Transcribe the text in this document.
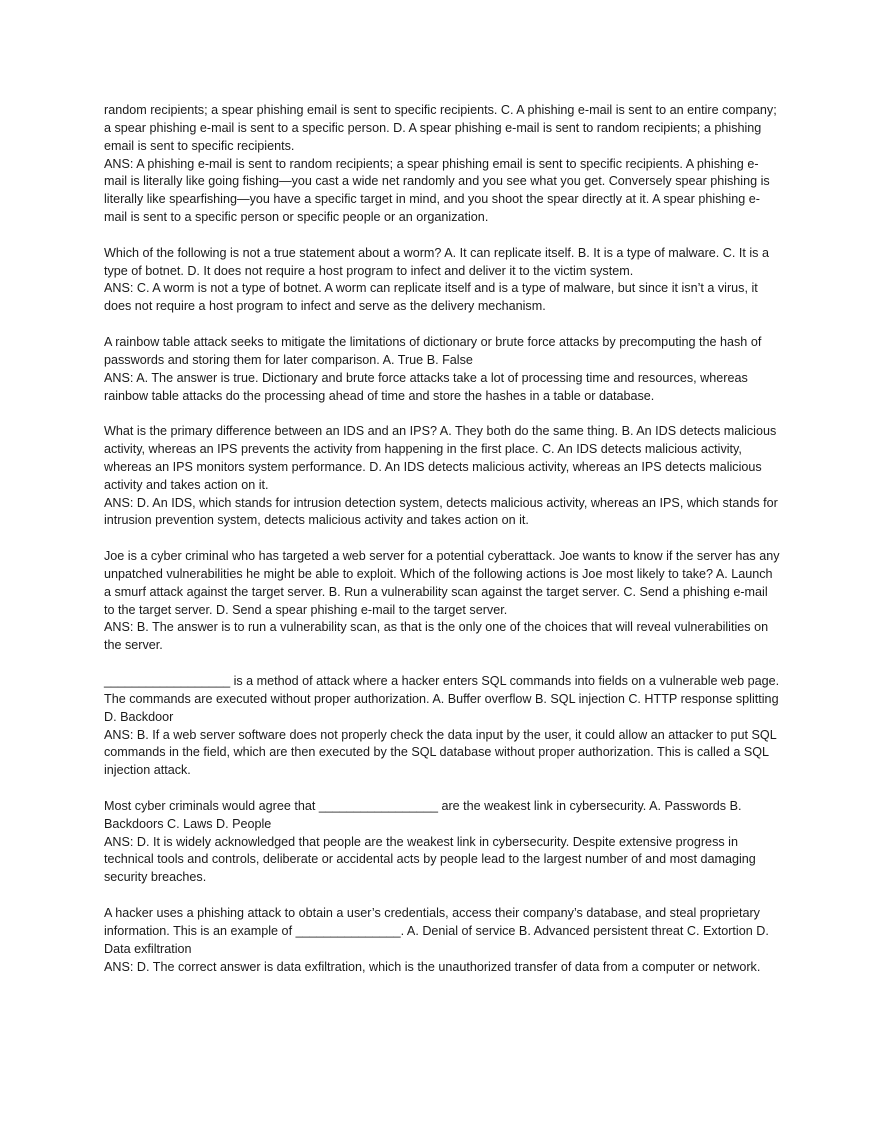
random recipients; a spear phishing email is sent to specific recipients. C. A phishing e-mail is sent to an entire company; a spear phishing e-mail is sent to a specific person. D. A spear phishing e-mail is sent to random recipients; a phishing email is sent to specific recipients.

ANS: A phishing e-mail is sent to random recipients; a spear phishing email is sent to specific recipients. A phishing e-mail is literally like going fishing—you cast a wide net randomly and you see what you get. Conversely spear phishing is literally like spearfishing—you have a specific target in mind, and you shoot the spear directly at it. A spear phishing e-mail is sent to a specific person or specific people or an organization.

Which of the following is not a true statement about a worm? A. It can replicate itself. B. It is a type of malware. C. It is a type of botnet. D. It does not require a host program to infect and deliver it to the victim system.

ANS: C. A worm is not a type of botnet. A worm can replicate itself and is a type of malware, but since it isn’t a virus, it does not require a host program to infect and serve as the delivery mechanism.

A rainbow table attack seeks to mitigate the limitations of dictionary or brute force attacks by precomputing the hash of passwords and storing them for later comparison. A. True B. False

ANS: A. The answer is true. Dictionary and brute force attacks take a lot of processing time and resources, whereas rainbow table attacks do the processing ahead of time and store the hashes in a table or database.

What is the primary difference between an IDS and an IPS? A. They both do the same thing. B. An IDS detects malicious activity, whereas an IPS prevents the activity from happening in the first place. C. An IDS detects malicious activity, whereas an IPS monitors system performance. D. An IDS detects malicious activity, whereas an IPS detects malicious activity and takes action on it.

ANS: D. An IDS, which stands for intrusion detection system, detects malicious activity, whereas an IPS, which stands for intrusion prevention system, detects malicious activity and takes action on it.

Joe is a cyber criminal who has targeted a web server for a potential cyberattack. Joe wants to know if the server has any unpatched vulnerabilities he might be able to exploit. Which of the following actions is Joe most likely to take? A. Launch a smurf attack against the target server. B. Run a vulnerability scan against the target server. C. Send a phishing e-mail to the target server. D. Send a spear phishing e-mail to the target server.

ANS: B. The answer is to run a vulnerability scan, as that is the only one of the choices that will reveal vulnerabilities on the server.

__________________ is a method of attack where a hacker enters SQL commands into fields on a vulnerable web page. The commands are executed without proper authorization. A. Buffer overflow B. SQL injection C. HTTP response splitting D. Backdoor

ANS: B. If a web server software does not properly check the data input by the user, it could allow an attacker to put SQL commands in the field, which are then executed by the SQL database without proper authorization. This is called a SQL injection attack.

Most cyber criminals would agree that _________________ are the weakest link in cybersecurity. A. Passwords B. Backdoors C. Laws D. People

ANS: D. It is widely acknowledged that people are the weakest link in cybersecurity. Despite extensive progress in technical tools and controls, deliberate or accidental acts by people lead to the largest number of and most damaging security breaches.

A hacker uses a phishing attack to obtain a user’s credentials, access their company’s database, and steal proprietary information. This is an example of _______________. A. Denial of service B. Advanced persistent threat C. Extortion D. Data exfiltration

ANS: D. The correct answer is data exfiltration, which is the unauthorized transfer of data from a computer or network.
